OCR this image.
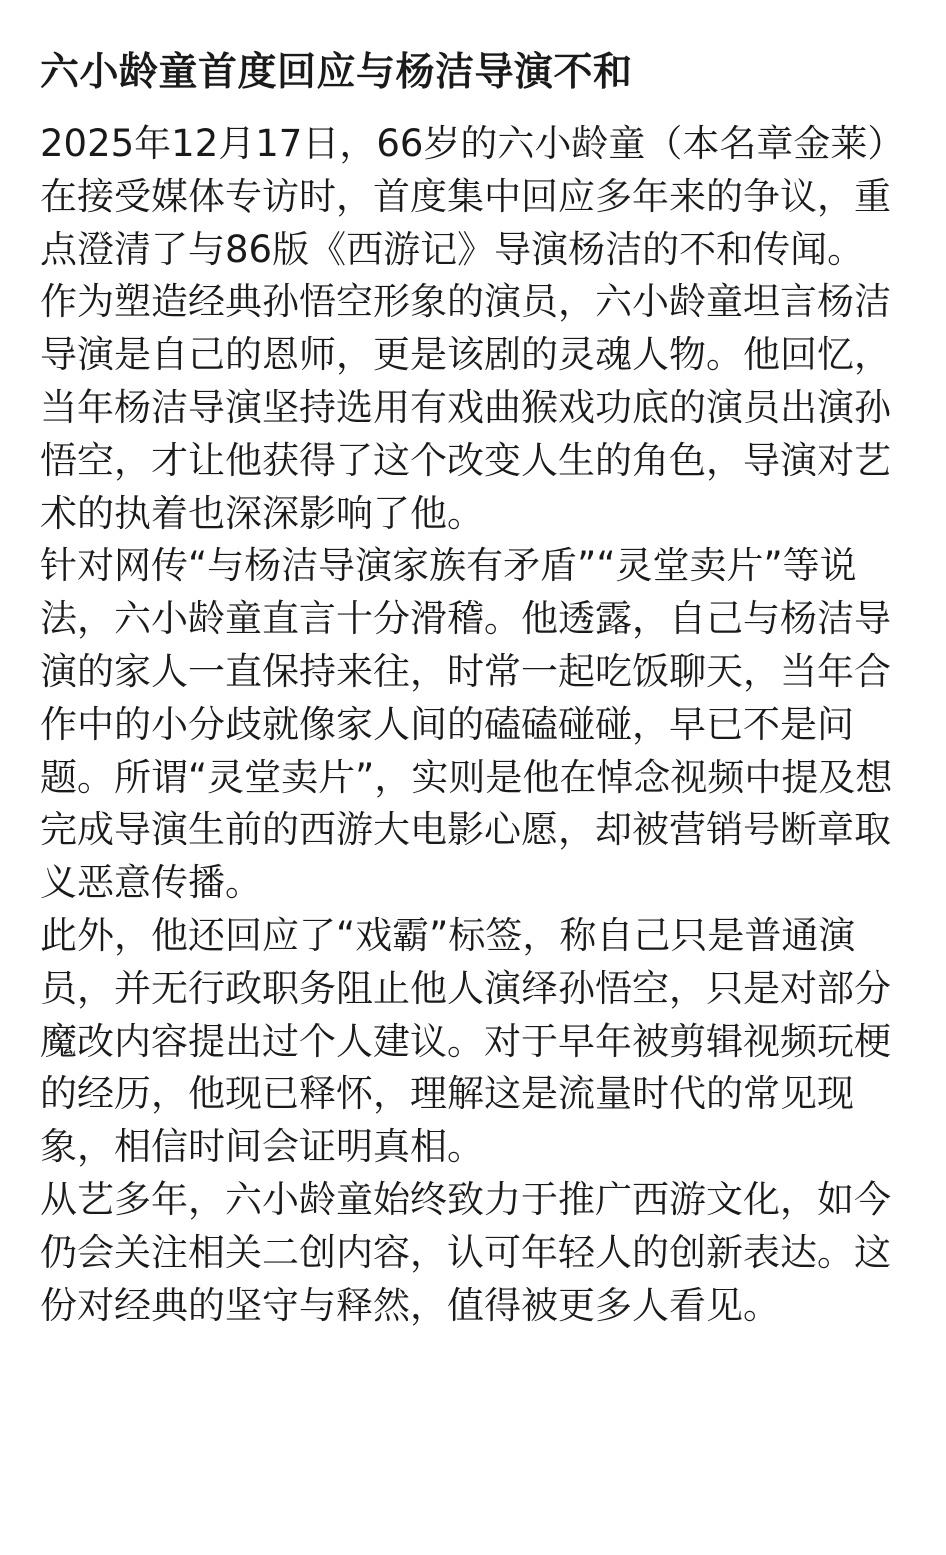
六小龄童首度回应与杨洁导演不和

2025年12月17日，66岁的六小龄童（本名章金莱）在接受媒体专访时，首度集中回应多年来的争议，重点澄清了与86版《西游记》导演杨洁的不和传闻。

作为塑造经典孙悟空形象的演员，六小龄童坦言杨洁导演是自己的恩师，更是该剧的灵魂人物。他回忆，当年杨洁导演坚持选用有戏曲猴戏功底的演员出演孙悟空，才让他获得了这个改变人生的角色，导演对艺术的执着也深深影响了他。

针对网传“与杨洁导演家族有矛盾”“灵堂卖片”等说法，六小龄童直言十分滑稽。他透露，自己与杨洁导演的家人一直保持来往，时常一起吃饭聊天，当年合作中的小分歧就像家人间的磕磕碰碰，早已不是问题。所谓“灵堂卖片”，实则是他在悼念视频中提及想完成导演生前的西游大电影心愿，却被营销号断章取义恶意传播。

此外，他还回应了“戏霸”标签，称自己只是普通演员，并无行政职务阻止他人演绎孙悟空，只是对部分魔改内容提出过个人建议。对于早年被剪辑视频玩梗的经历，他现已释怀，理解这是流量时代的常见现象，相信时间会证明真相。

从艺多年，六小龄童始终致力于推广西游文化，如今仍会关注相关二创内容，认可年轻人的创新表达。这份对经典的坚守与释然，值得被更多人看见。
